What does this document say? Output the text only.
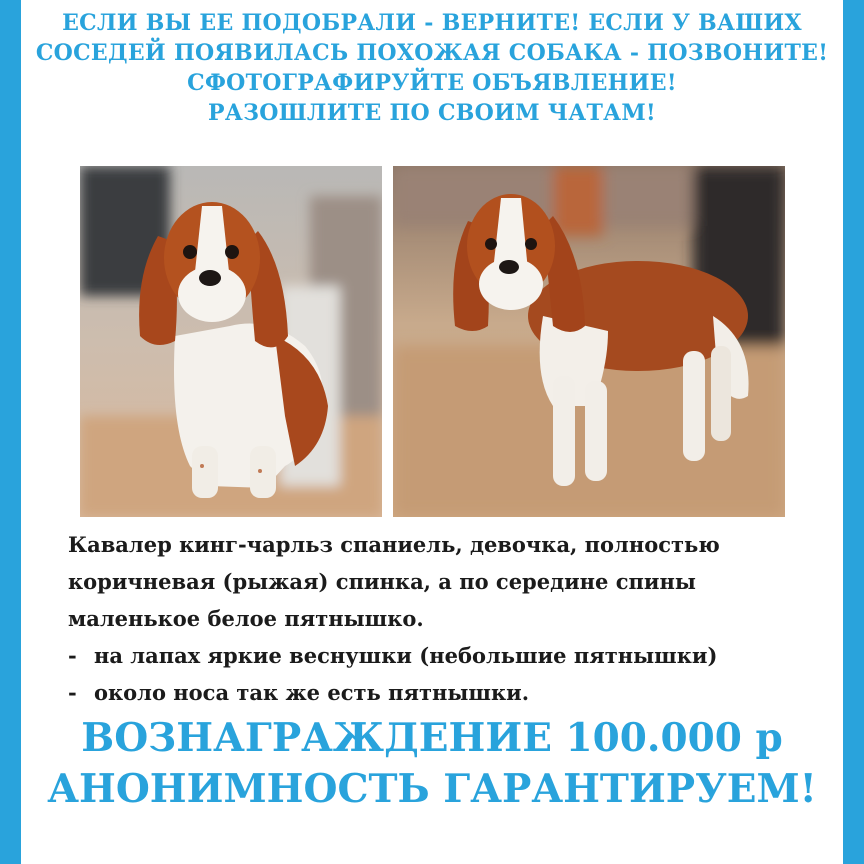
ЕСЛИ ВЫ ЕЕ ПОДОБРАЛИ - ВЕРНИТЕ! ЕСЛИ У ВАШИХ
СОСЕДЕЙ ПОЯВИЛАСЬ ПОХОЖАЯ СОБАКА - ПОЗВОНИТЕ!
СФОТОГРАФИРУЙТЕ ОБЪЯВЛЕНИЕ!
РАЗОШЛИТЕ ПО СВОИМ ЧАТАМ!
Кавалер кинг-чарльз спаниель, девочка, полностью
коричневая (рыжая) спинка, а по середине спины
маленькое белое пятнышко.
- на лапах яркие веснушки (небольшие пятнышки)
- около носа так же есть пятнышки.
ВОЗНАГРАЖДЕНИЕ 100.000 р
АНОНИМНОСТЬ ГАРАНТИРУЕМ!
